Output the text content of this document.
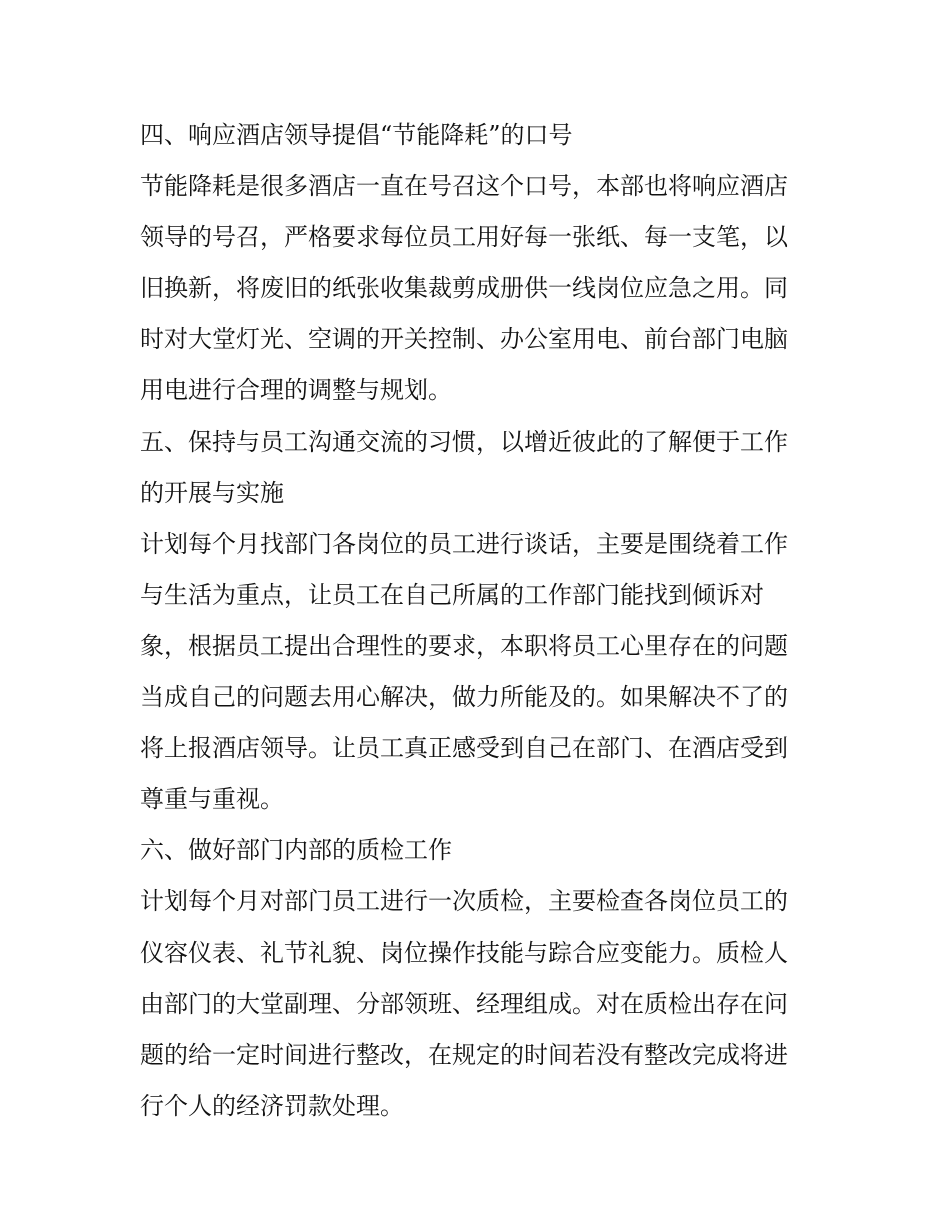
四、响应酒店领导提倡“节能降耗”的口号
节能降耗是很多酒店一直在号召这个口号，本部也将响应酒店
领导的号召，严格要求每位员工用好每一张纸、每一支笔，以
旧换新，将废旧的纸张收集裁剪成册供一线岗位应急之用。同
时对大堂灯光、空调的开关控制、办公室用电、前台部门电脑
用电进行合理的调整与规划。
五、保持与员工沟通交流的习惯，以增近彼此的了解便于工作
的开展与实施
计划每个月找部门各岗位的员工进行谈话，主要是围绕着工作
与生活为重点，让员工在自己所属的工作部门能找到倾诉对
象，根据员工提出合理性的要求，本职将员工心里存在的问题
当成自己的问题去用心解决，做力所能及的。如果解决不了的
将上报酒店领导。让员工真正感受到自己在部门、在酒店受到
尊重与重视。
六、做好部门内部的质检工作
计划每个月对部门员工进行一次质检，主要检查各岗位员工的
仪容仪表、礼节礼貌、岗位操作技能与踪合应变能力。质检人
由部门的大堂副理、分部领班、经理组成。对在质检出存在问
题的给一定时间进行整改，在规定的时间若没有整改完成将进
行个人的经济罚款处理。
